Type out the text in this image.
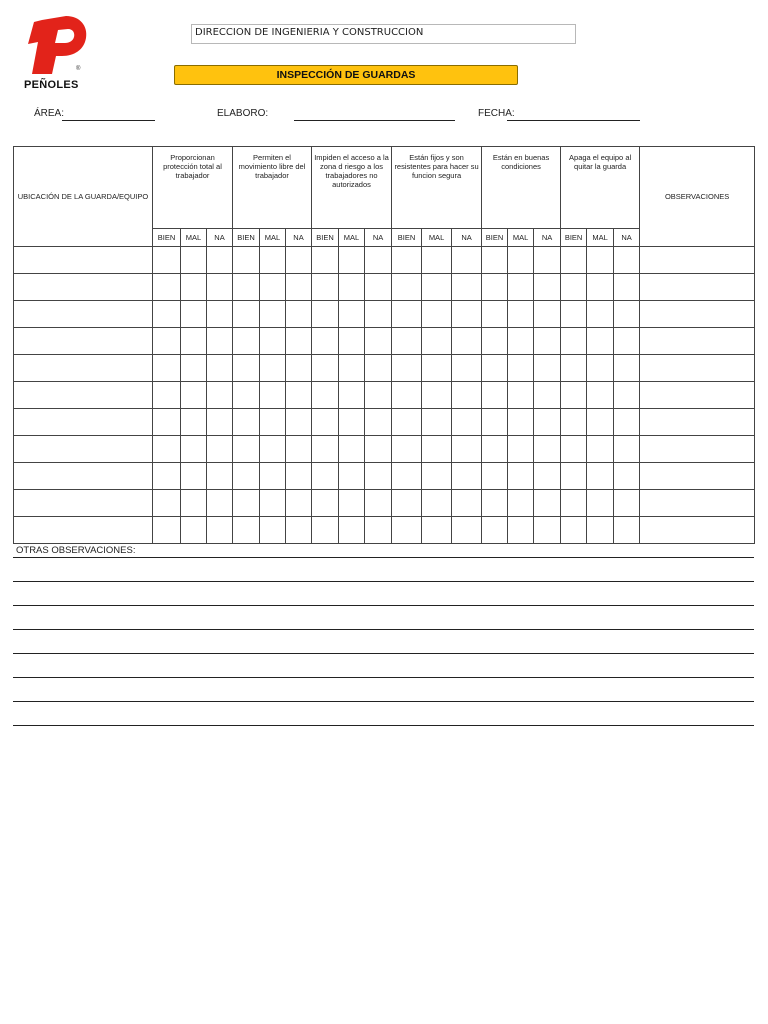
PEÑOLES
®
DIRECCION DE INGENIERIA Y CONSTRUCCION
INSPECCIÓN DE GUARDAS
ÁREA:	ELABORO:	FECHA:
UBICACIÓN DE LA GUARDA/EQUIPO	Proporcionan protección total al trabajador			Permiten el movimiento libre del trabajador			Impiden el acceso a la zona d riesgo a los trabajadores no autorizados			Están fijos y son resistentes para hacer su funcion segura			Están en buenas condiciones			Apaga el equipo al quitar la guarda			OBSERVACIONES
	BIEN	MAL	NA	BIEN	MAL	NA	BIEN	MAL	NA	BIEN	MAL	NA	BIEN	MAL	NA	BIEN	MAL	NA	

OTRAS OBSERVACIONES:
